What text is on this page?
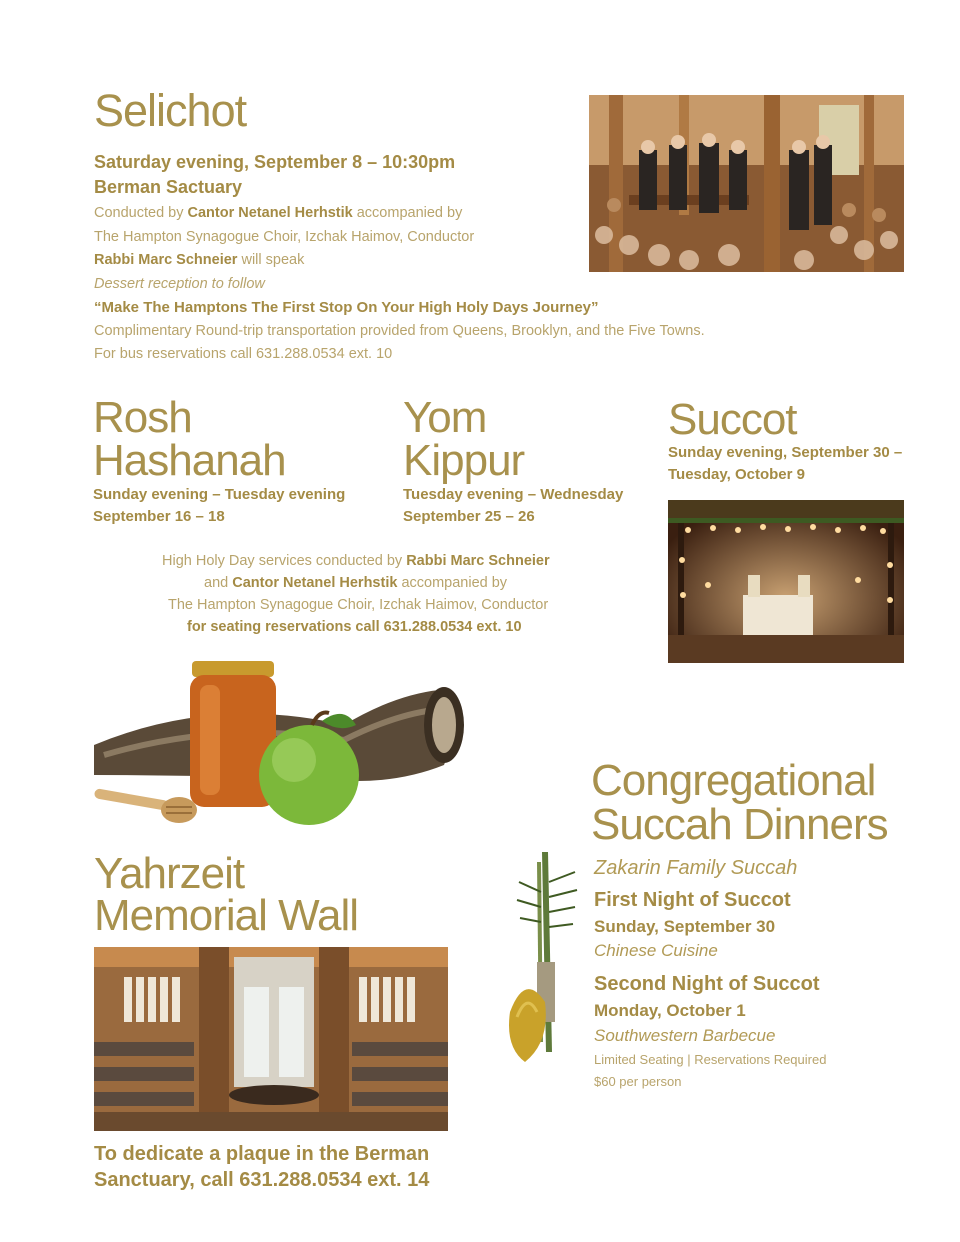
Selichot
Saturday evening, September 8 – 10:30pm
Berman Sactuary
Conducted by Cantor Netanel Herhstik accompanied by
The Hampton Synagogue Choir, Izchak Haimov, Conductor
Rabbi Marc Schneier will speak
Dessert reception to follow
“Make The Hamptons The First Stop On Your High Holy Days Journey”
Complimentary Round-trip transportation provided from Queens, Brooklyn, and the Five Towns.
For bus reservations call 631.288.0534 ext. 10
Rosh
Hashanah
Sunday evening – Tuesday evening
September 16 – 18
Yom
Kippur
Tuesday evening – Wednesday
September 25 – 26
Succot
Sunday evening, September 30 –
Tuesday, October 9
High Holy Day services conducted by Rabbi Marc Schneier
and Cantor Netanel Herhstik accompanied by
The Hampton Synagogue Choir, Izchak Haimov, Conductor
for seating reservations call 631.288.0534 ext. 10
Congregational
Succah Dinners
Zakarin Family Succah
First Night of Succot
Sunday, September 30
Chinese Cuisine
Second Night of Succot
Monday, October 1
Southwestern Barbecue
Limited Seating | Reservations Required
$60 per person
Yahrzeit
Memorial Wall
To dedicate a plaque in the Berman
Sanctuary, call 631.288.0534 ext. 14
